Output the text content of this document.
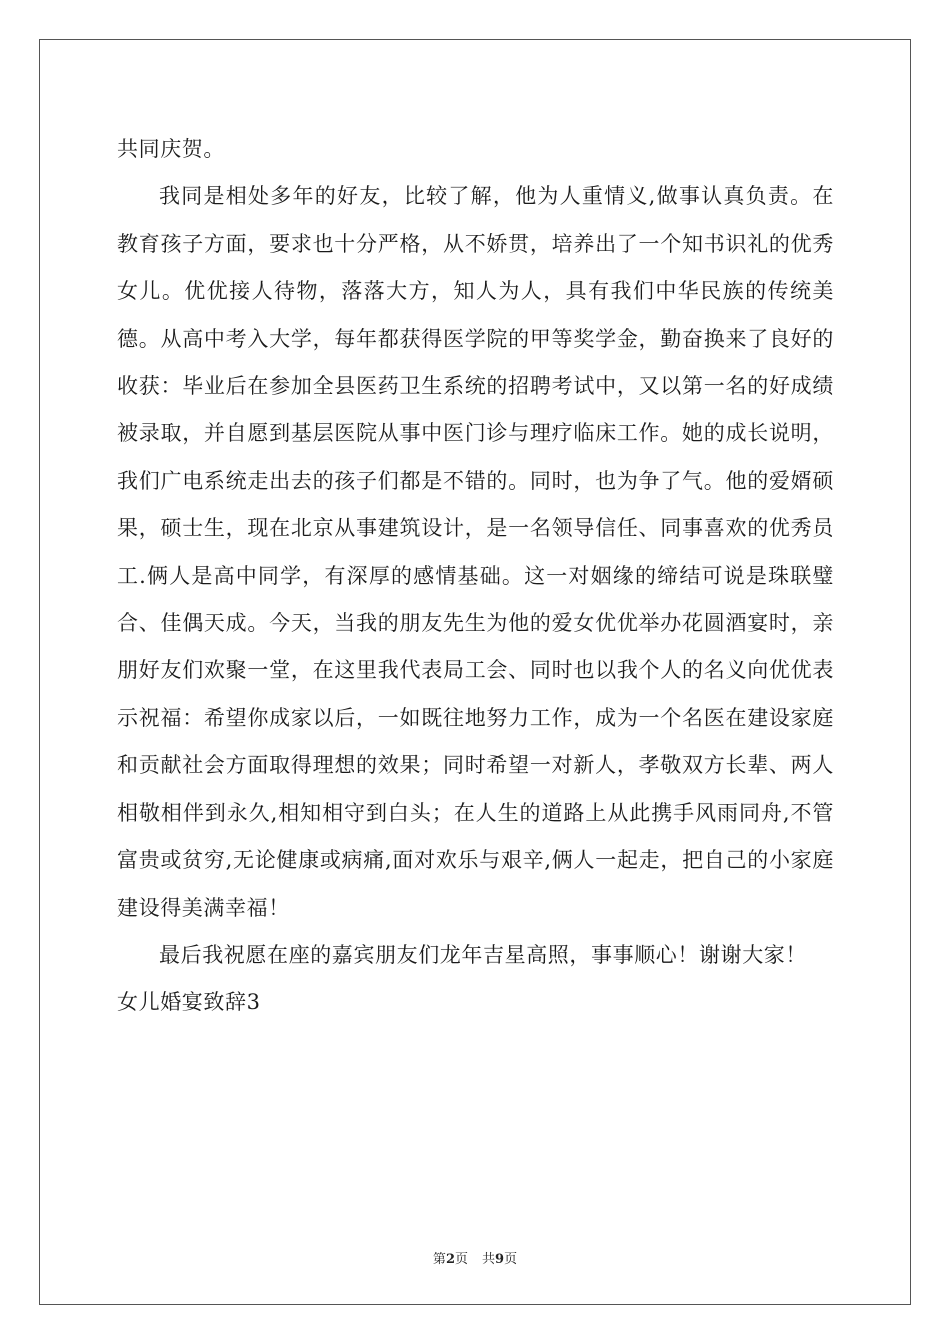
共同庆贺。

我同是相处多年的好友，比较了解，他为人重情义,做事认真负责。在教育孩子方面，要求也十分严格，从不娇贯，培养出了一个知书识礼的优秀女儿。优优接人待物，落落大方，知人为人，具有我们中华民族的传统美德。从高中考入大学，每年都获得医学院的甲等奖学金，勤奋换来了良好的收获：毕业后在参加全县医药卫生系统的招聘考试中，又以第一名的好成绩被录取，并自愿到基层医院从事中医门诊与理疗临床工作。她的成长说明，我们广电系统走出去的孩子们都是不错的。同时，也为争了气。他的爱婿硕果，硕士生，现在北京从事建筑设计，是一名领导信任、同事喜欢的优秀员工.俩人是高中同学，有深厚的感情基础。这一对姻缘的缔结可说是珠联璧合、佳偶天成。今天，当我的朋友先生为他的爱女优优举办花圆酒宴时，亲朋好友们欢聚一堂，在这里我代表局工会、同时也以我个人的名义向优优表示祝福：希望你成家以后，一如既往地努力工作，成为一个名医在建设家庭和贡献社会方面取得理想的效果；同时希望一对新人，孝敬双方长辈、两人相敬相伴到永久,相知相守到白头；在人生的道路上从此携手风雨同舟,不管富贵或贫穷,无论健康或病痛,面对欢乐与艰辛,俩人一起走，把自己的小家庭建设得美满幸福！

最后我祝愿在座的嘉宾朋友们龙年吉星高照，事事顺心！谢谢大家！

女儿婚宴致辞3

第2页 共9页
